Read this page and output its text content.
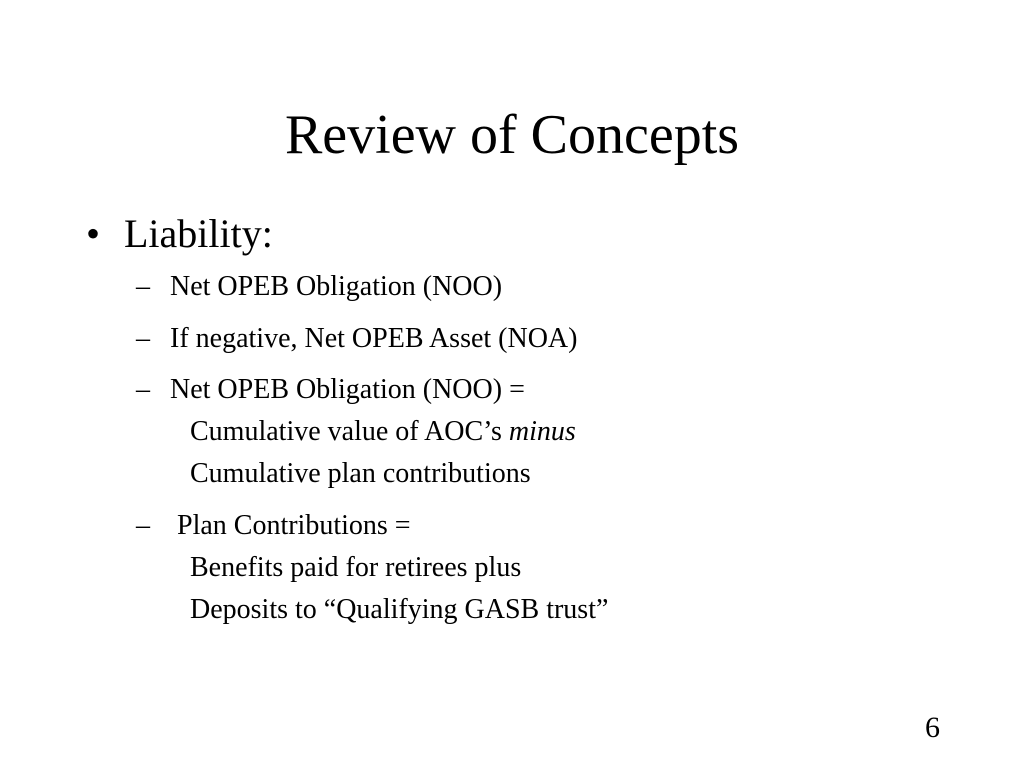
Review of Concepts
• Liability:
– Net OPEB Obligation (NOO)
– If negative, Net OPEB Asset (NOA)
– Net OPEB Obligation (NOO) =
Cumulative value of AOC’s minus
Cumulative plan contributions
– Plan Contributions =
Benefits paid for retirees plus
Deposits to “Qualifying GASB trust”
6
